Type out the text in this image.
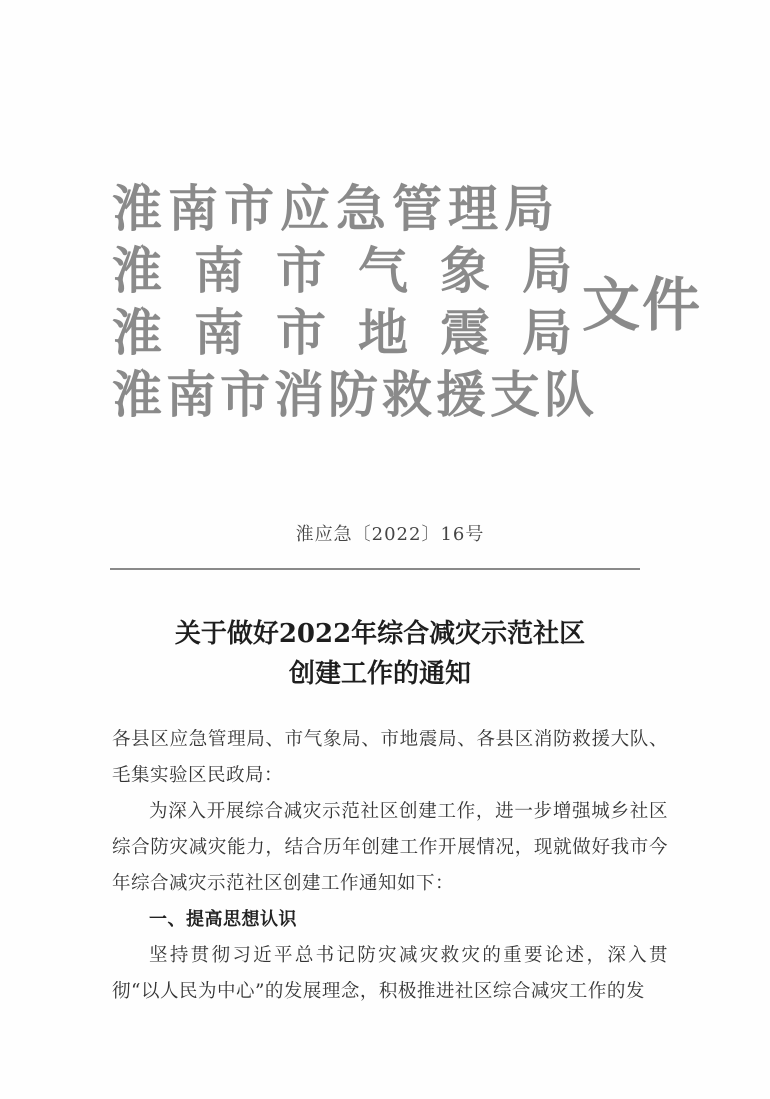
淮南市应急管理局
淮南市气象局
淮南市地震局
淮南市消防救援支队
文件
淮应急〔2022〕16号
关于做好2022年综合减灾示范社区
创建工作的通知

各县区应急管理局、市气象局、市地震局、各县区消防救援大队、毛集实验区民政局：

为深入开展综合减灾示范社区创建工作，进一步增强城乡社区综合防灾减灾能力，结合历年创建工作开展情况，现就做好我市今年综合减灾示范社区创建工作通知如下：

一、提高思想认识

坚持贯彻习近平总书记防灾减灾救灾的重要论述，深入贯彻“以人民为中心”的发展理念，积极推进社区综合减灾工作的发
